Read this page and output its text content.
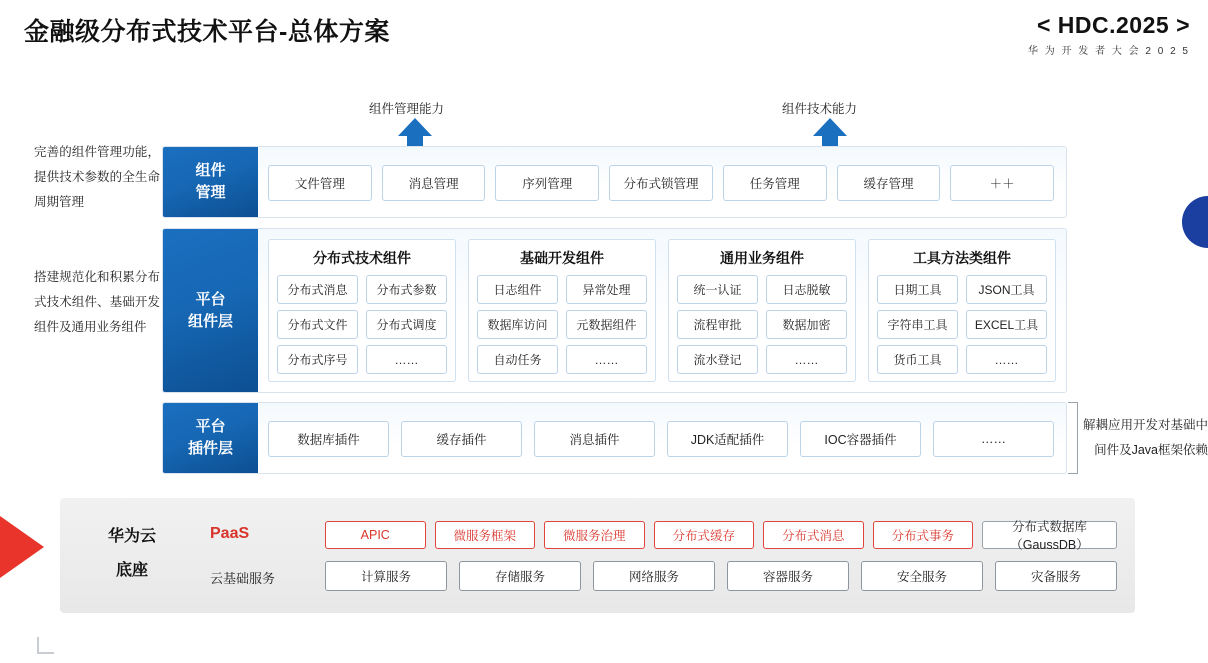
金融级分布式技术平台-总体方案	< HDC.2025 >
华 为 开 发 者 大 会 2 0 2 5
组件管理能力	组件技术能力
完善的组件管理功能，提供技术参数的全生命周期管理
搭建规范化和积累分布式技术组件、基础开发组件及通用业务组件
解耦应用开发对基础中间件及Java框架依赖
组件
管理	文件管理	消息管理	序列管理	分布式锁管理	任务管理	缓存管理	＋＋
平台
组件层
分布式技术组件
分布式消息	分布式参数
分布式文件	分布式调度
分布式序号	……
基础开发组件
日志组件	异常处理
数据库访问	元数据组件
自动任务	……
通用业务组件
统一认证	日志脱敏
流程审批	数据加密
流水登记	……
工具方法类组件
日期工具	JSON工具
字符串工具	EXCEL工具
货币工具	……
平台
插件层	数据库插件	缓存插件	消息插件	JDK适配插件	IOC容器插件	……
华为云
底座
PaaS
云基础服务
APIC	微服务框架	微服务治理	分布式缓存	分布式消息	分布式事务
分布式数据库（GaussDB）
计算服务	存储服务	网络服务	容器服务	安全服务	灾备服务
